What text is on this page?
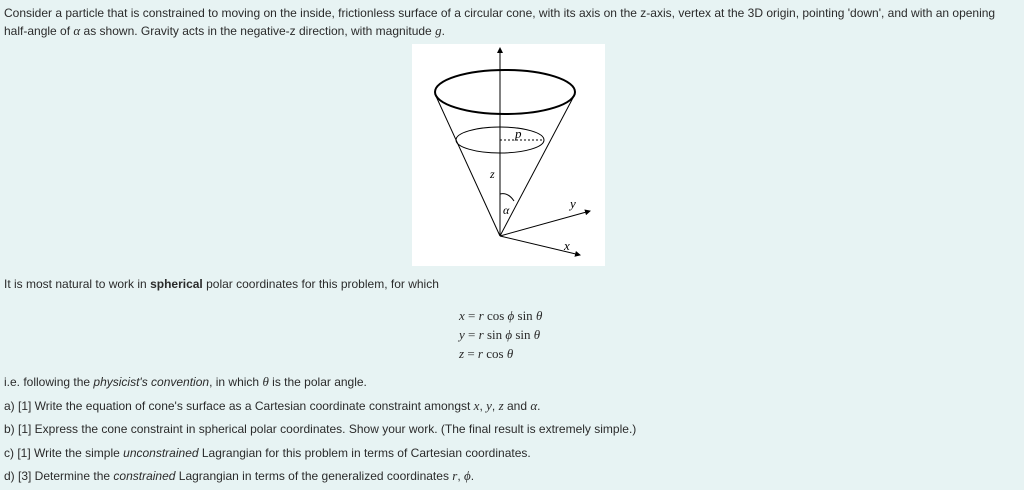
Consider a particle that is constrained to moving on the inside, frictionless surface of a circular cone, with its axis on the z-axis, vertex at the 3D origin, pointing 'down', and with an opening half-angle of α as shown. Gravity acts in the negative-z direction, with magnitude g.

p
z
α	y
x

It is most natural to work in spherical polar coordinates for this problem, for which

x = r cos ϕ sin θ
y = r sin ϕ sin θ
z = r cos θ

i.e. following the physicist's convention, in which θ is the polar angle.

a) [1] Write the equation of cone's surface as a Cartesian coordinate constraint amongst x, y, z and α.

b) [1] Express the cone constraint in spherical polar coordinates. Show your work. (The final result is extremely simple.)

c) [1] Write the simple unconstrained Lagrangian for this problem in terms of Cartesian coordinates.

d) [3] Determine the constrained Lagrangian in terms of the generalized coordinates r, ϕ.
